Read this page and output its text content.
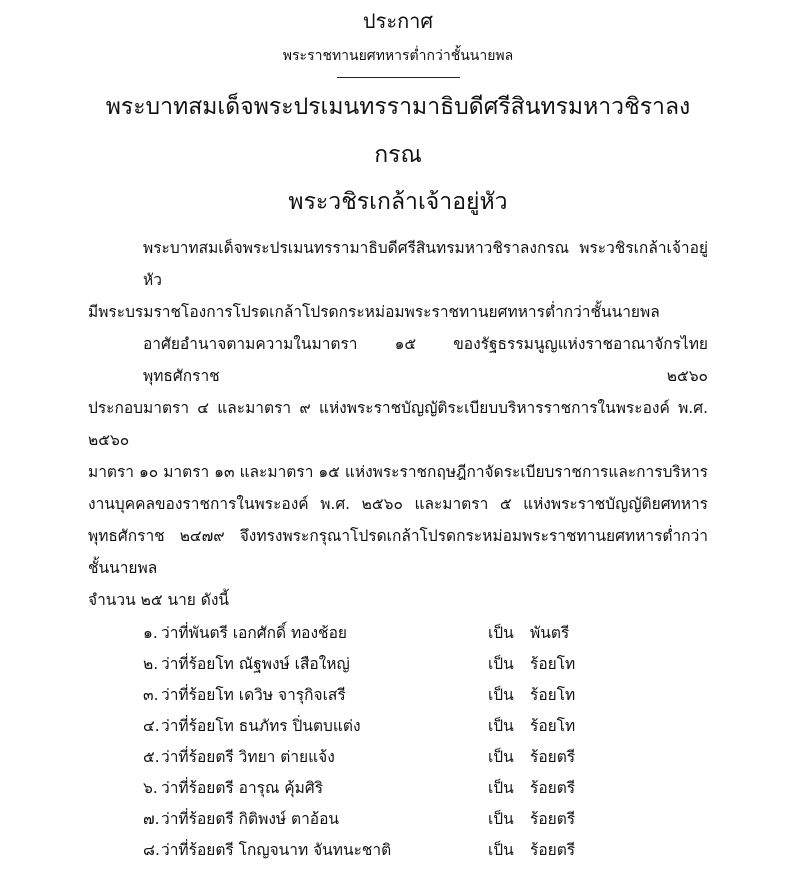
ประกาศ
พระราชทานยศทหารต่ำกว่าชั้นนายพล
พระบาทสมเด็จพระปรเมนทรรามาธิบดีศรีสินทรมหาวชิราลงกรณ
พระวชิรเกล้าเจ้าอยู่หัว
พระบาทสมเด็จพระปรเมนทรรามาธิบดีศรีสินทรมหาวชิราลงกรณ พระวชิรเกล้าเจ้าอยู่หัว
มีพระบรมราชโองการโปรดเกล้าโปรดกระหม่อมพระราชทานยศทหารต่ำกว่าชั้นนายพล
อาศัยอำนาจตามความในมาตรา ๑๕ ของรัฐธรรมนูญแห่งราชอาณาจักรไทย พุทธศักราช ๒๕๖๐
ประกอบมาตรา ๔ และมาตรา ๙ แห่งพระราชบัญญัติระเบียบบริหารราชการในพระองค์ พ.ศ. ๒๕๖๐
มาตรา ๑๐ มาตรา ๑๓ และมาตรา ๑๕ แห่งพระราชกฤษฎีกาจัดระเบียบราชการและการบริหาร
งานบุคคลของราชการในพระองค์ พ.ศ. ๒๕๖๐ และมาตรา ๕ แห่งพระราชบัญญัติยศทหาร
พุทธศักราช ๒๔๗๙ จึงทรงพระกรุณาโปรดเกล้าโปรดกระหม่อมพระราชทานยศทหารต่ำกว่าชั้นนายพล
จำนวน ๒๕ นาย ดังนี้
๑. ว่าที่พันตรี เอกศักดิ์ ทองช้อย	เป็น	พันตรี
๒. ว่าที่ร้อยโท ณัฐพงษ์ เสือใหญ่	เป็น	ร้อยโท
๓. ว่าที่ร้อยโท เดวิษ จารุกิจเสรี	เป็น	ร้อยโท
๔. ว่าที่ร้อยโท ธนภัทร ปิ่นตบแต่ง	เป็น	ร้อยโท
๕. ว่าที่ร้อยตรี วิทยา ต่ายแจ้ง	เป็น	ร้อยตรี
๖. ว่าที่ร้อยตรี อารุณ คุ้มศิริ	เป็น	ร้อยตรี
๗. ว่าที่ร้อยตรี กิติพงษ์ ตาอ้อน	เป็น	ร้อยตรี
๘. ว่าที่ร้อยตรี โกญจนาท จันทนะชาติ	เป็น	ร้อยตรี
